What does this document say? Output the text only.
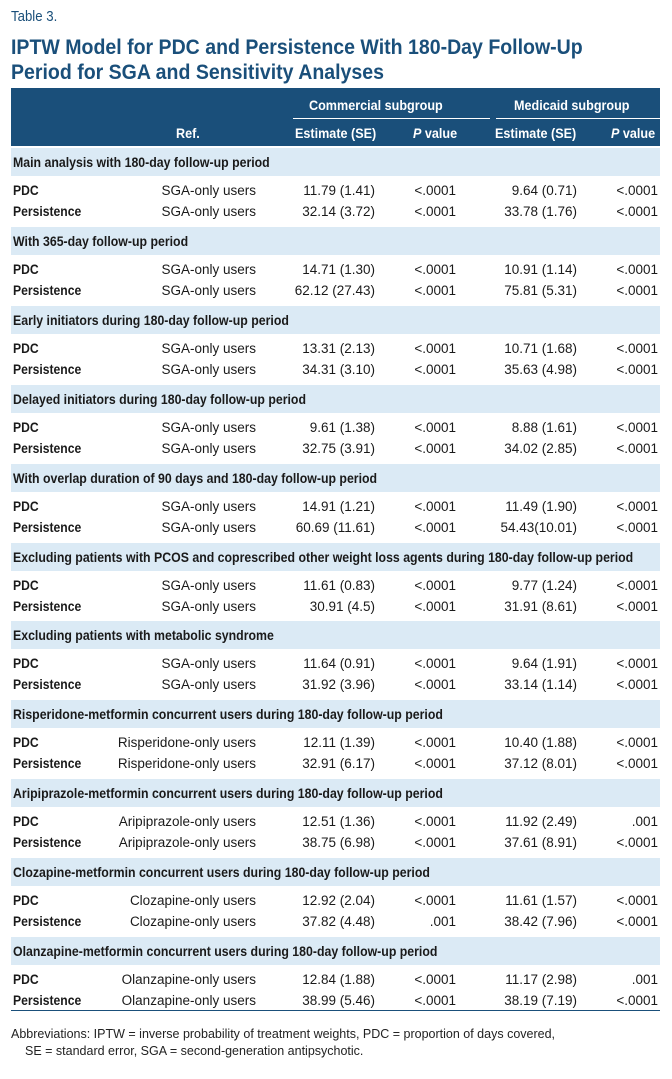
Table 3.
IPTW Model for PDC and Persistence With 180-Day Follow-Up
Period for SGA and Sensitivity Analyses
Commercial subgroup	Medicaid subgroup
Ref.	Estimate (SE)	P value	Estimate (SE) P value
Main analysis with 180-day follow-up period
PDC	SGA-only users	11.79 (1.41)	<.0001	9.64 (0.71)	<.0001
Persistence	SGA-only users	32.14 (3.72)	<.0001	33.78 (1.76)	<.0001
With 365-day follow-up period
PDC	SGA-only users	14.71 (1.30)	<.0001	10.91 (1.14)	<.0001
Persistence	SGA-only users	62.12 (27.43)	<.0001	75.81 (5.31)	<.0001
Early initiators during 180-day follow-up period
PDC	SGA-only users	13.31 (2.13)	<.0001	10.71 (1.68)	<.0001
Persistence	SGA-only users	34.31 (3.10)	<.0001	35.63 (4.98)	<.0001
Delayed initiators during 180-day follow-up period
PDC	SGA-only users	9.61 (1.38)	<.0001	8.88 (1.61)	<.0001
Persistence	SGA-only users	32.75 (3.91)	<.0001	34.02 (2.85)	<.0001
With overlap duration of 90 days and 180-day follow-up period
PDC	SGA-only users	14.91 (1.21)	<.0001	11.49 (1.90)	<.0001
Persistence	SGA-only users	60.69 (11.61)	<.0001	54.43(10.01)	<.0001
Excluding patients with PCOS and coprescribed other weight loss agents during 180-day follow-up period
PDC	SGA-only users	11.61 (0.83)	<.0001	9.77 (1.24)	<.0001
Persistence	SGA-only users	30.91 (4.5)	<.0001	31.91 (8.61)	<.0001
Excluding patients with metabolic syndrome
PDC	SGA-only users	11.64 (0.91)	<.0001	9.64 (1.91)	<.0001
Persistence	SGA-only users	31.92 (3.96)	<.0001	33.14 (1.14)	<.0001
Risperidone-metformin concurrent users during 180-day follow-up period
PDC	Risperidone-only users	12.11 (1.39)	<.0001	10.40 (1.88)	<.0001
Persistence	Risperidone-only users	32.91 (6.17)	<.0001	37.12 (8.01)	<.0001
Aripiprazole-metformin concurrent users during 180-day follow-up period
PDC	Aripiprazole-only users	12.51 (1.36)	<.0001	11.92 (2.49)	.001
Persistence	Aripiprazole-only users	38.75 (6.98)	<.0001	37.61 (8.91)	<.0001
Clozapine-metformin concurrent users during 180-day follow-up period
PDC	Clozapine-only users	12.92 (2.04)	<.0001	11.61 (1.57)	<.0001
Persistence	Clozapine-only users	37.82 (4.48)	.001	38.42 (7.96)	<.0001
Olanzapine-metformin concurrent users during 180-day follow-up period
PDC	Olanzapine-only users	12.84 (1.88)	<.0001	11.17 (2.98)	.001
Persistence	Olanzapine-only users	38.99 (5.46)	<.0001	38.19 (7.19)	<.0001
Abbreviations: IPTW = inverse probability of treatment weights, PDC = proportion of days covered,
SE = standard error, SGA = second-generation antipsychotic.
